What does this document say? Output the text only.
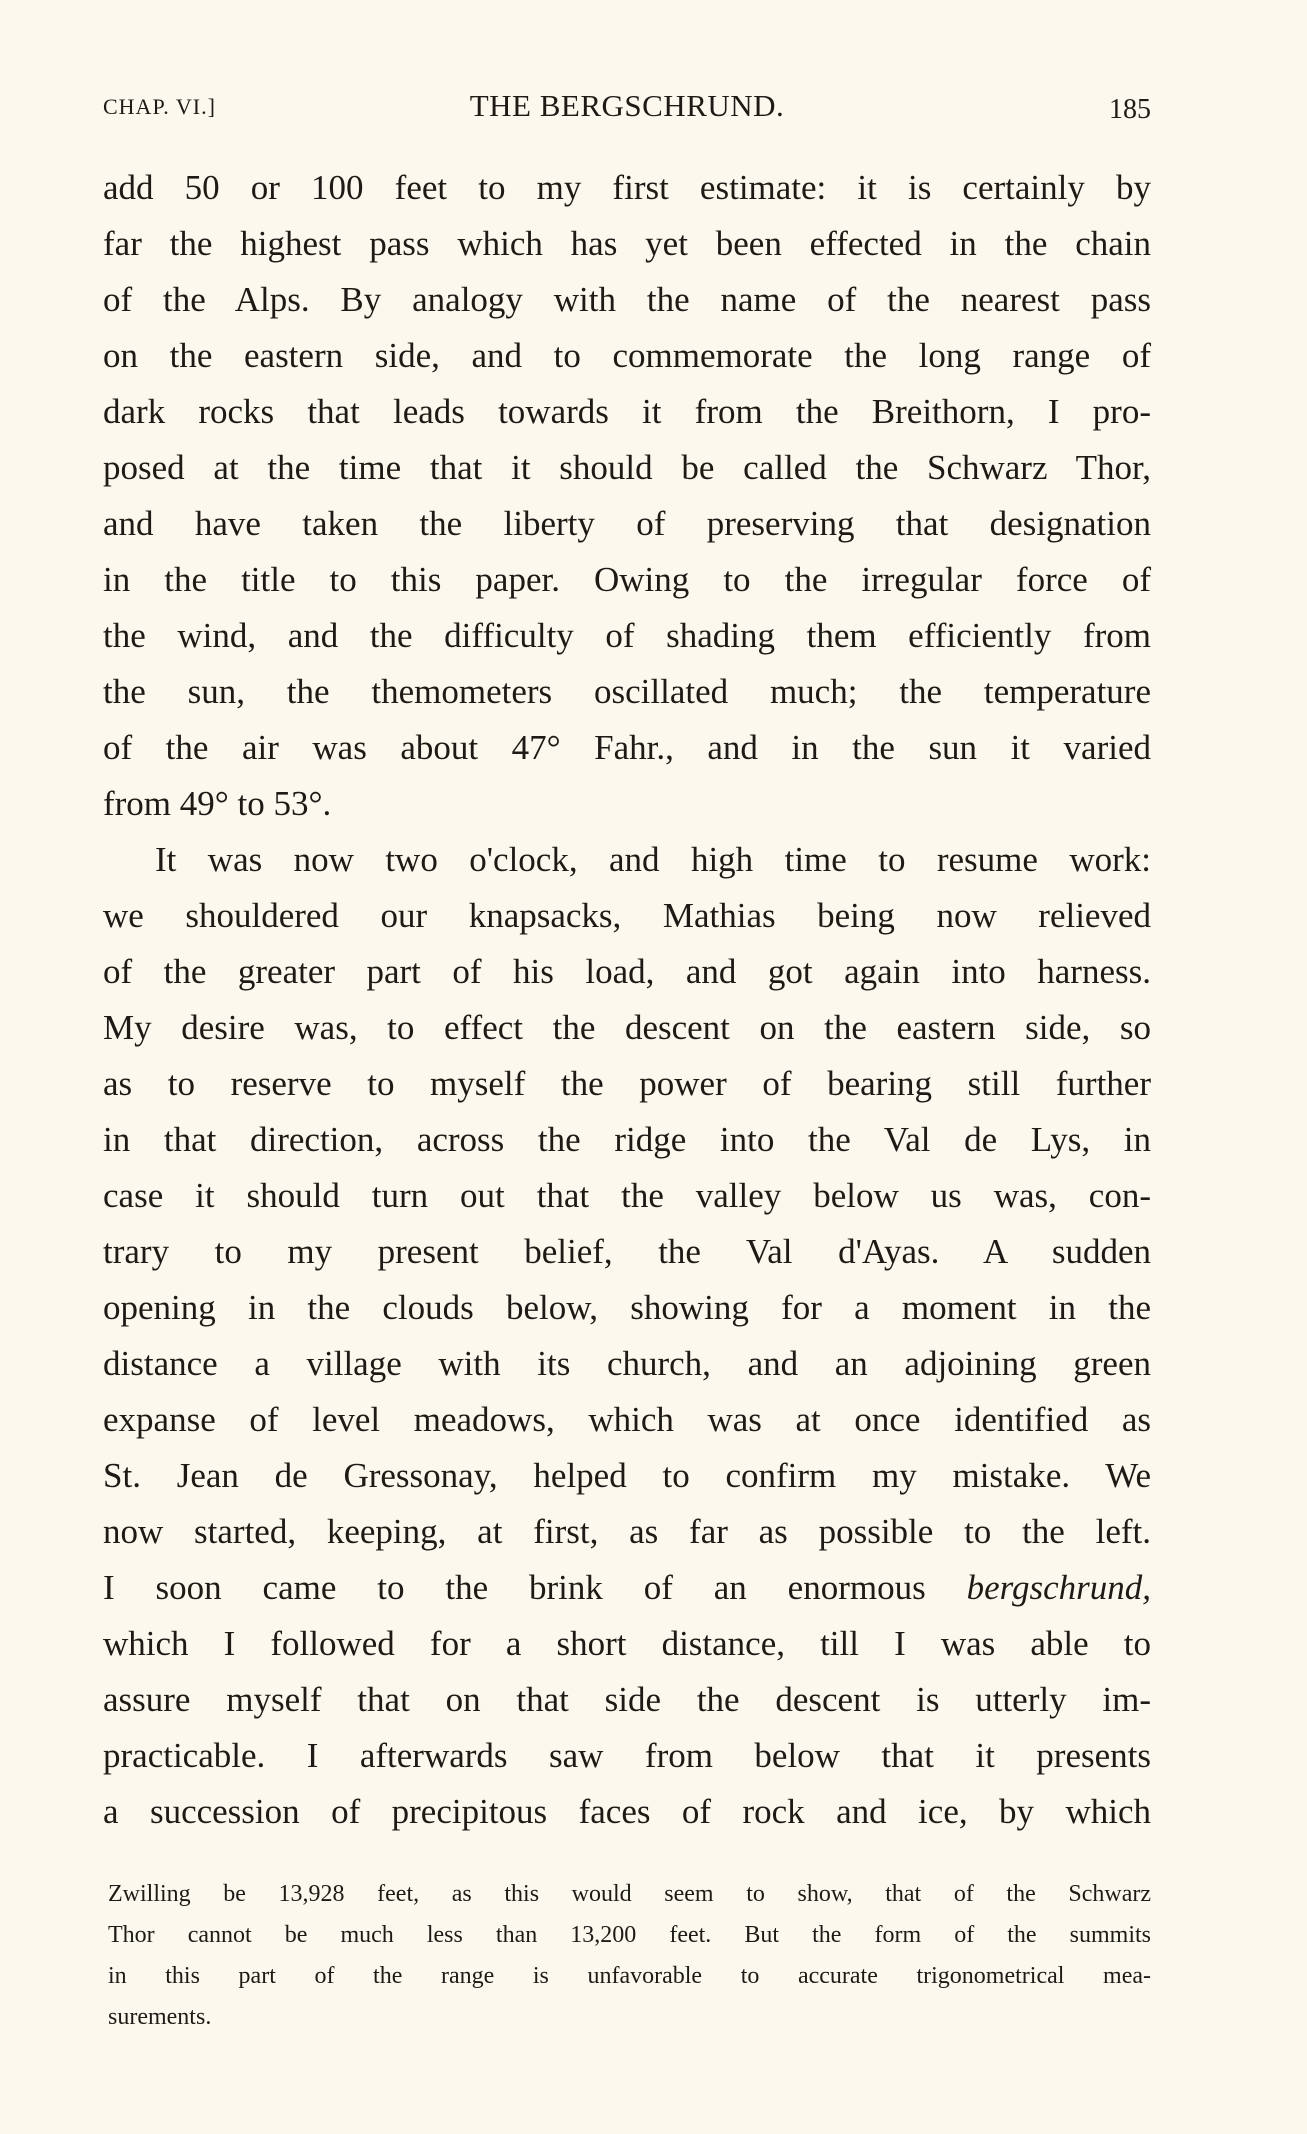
CHAP. VI.]	THE BERGSCHRUND.	185
add 50 or 100 feet to my first estimate: it is certainly by
far the highest pass which has yet been effected in the chain
of the Alps. By analogy with the name of the nearest pass
on the eastern side, and to commemorate the long range of
dark rocks that leads towards it from the Breithorn, I pro-
posed at the time that it should be called the Schwarz Thor,
and have taken the liberty of preserving that designation
in the title to this paper. Owing to the irregular force of
the wind, and the difficulty of shading them efficiently from
the sun, the themometers oscillated much; the temperature
of the air was about 47° Fahr., and in the sun it varied
from 49° to 53°.
It was now two o'clock, and high time to resume work:
we shouldered our knapsacks, Mathias being now relieved
of the greater part of his load, and got again into harness.
My desire was, to effect the descent on the eastern side, so
as to reserve to myself the power of bearing still further
in that direction, across the ridge into the Val de Lys, in
case it should turn out that the valley below us was, con-
trary to my present belief, the Val d'Ayas. A sudden
opening in the clouds below, showing for a moment in the
distance a village with its church, and an adjoining green
expanse of level meadows, which was at once identified as
St. Jean de Gressonay, helped to confirm my mistake. We
now started, keeping, at first, as far as possible to the left.
I soon came to the brink of an enormous bergschrund,
which I followed for a short distance, till I was able to
assure myself that on that side the descent is utterly im-
practicable. I afterwards saw from below that it presents
a succession of precipitous faces of rock and ice, by which
Zwilling be 13,928 feet, as this would seem to show, that of the Schwarz
Thor cannot be much less than 13,200 feet. But the form of the summits
in this part of the range is unfavorable to accurate trigonometrical mea-
surements.
